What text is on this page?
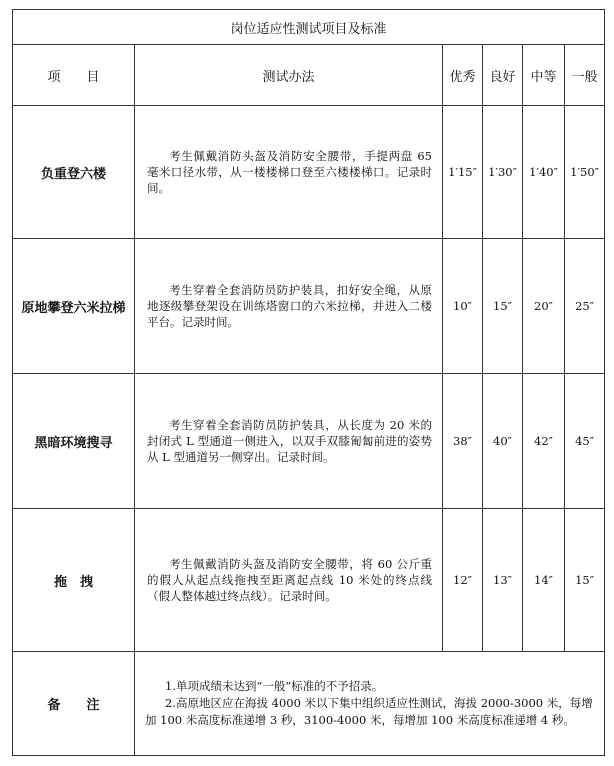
岗位适应性测试项目及标准					
项　　目	测试办法	优秀	良好	中等	一般
负重登六楼	考生佩戴消防头盔及消防安全腰带，手提两盘 65 毫米口径水带，从一楼楼梯口登至六楼楼梯口。记录时间。	1′15″	1′30″	1′40″	1′50″
原地攀登六米拉梯	考生穿着全套消防员防护装具，扣好安全绳，从原地逐级攀登架设在训练塔窗口的六米拉梯，并进入二楼平台。记录时间。	10″	15″	20″	25″
黑暗环境搜寻	考生穿着全套消防员防护装具，从长度为 20 米的封闭式 L 型通道一侧进入，以双手双膝匍匐前进的姿势从 L 型通道另一侧穿出。记录时间。	38″	40″	42″	45″
拖　拽	考生佩戴消防头盔及消防安全腰带，将 60 公斤重的假人从起点线拖拽至距离起点线 10 米处的终点线（假人整体越过终点线）。记录时间。	12″	13″	14″	15″
备　　注	1.单项成绩未达到“一般”标准的不予招录。
2.高原地区应在海拔 4000 米以下集中组织适应性测试，海拔 2000-3000 米，每增加 100 米高度标准递增 3 秒，3100-4000 米，每增加 100 米高度标准递增 4 秒。				
